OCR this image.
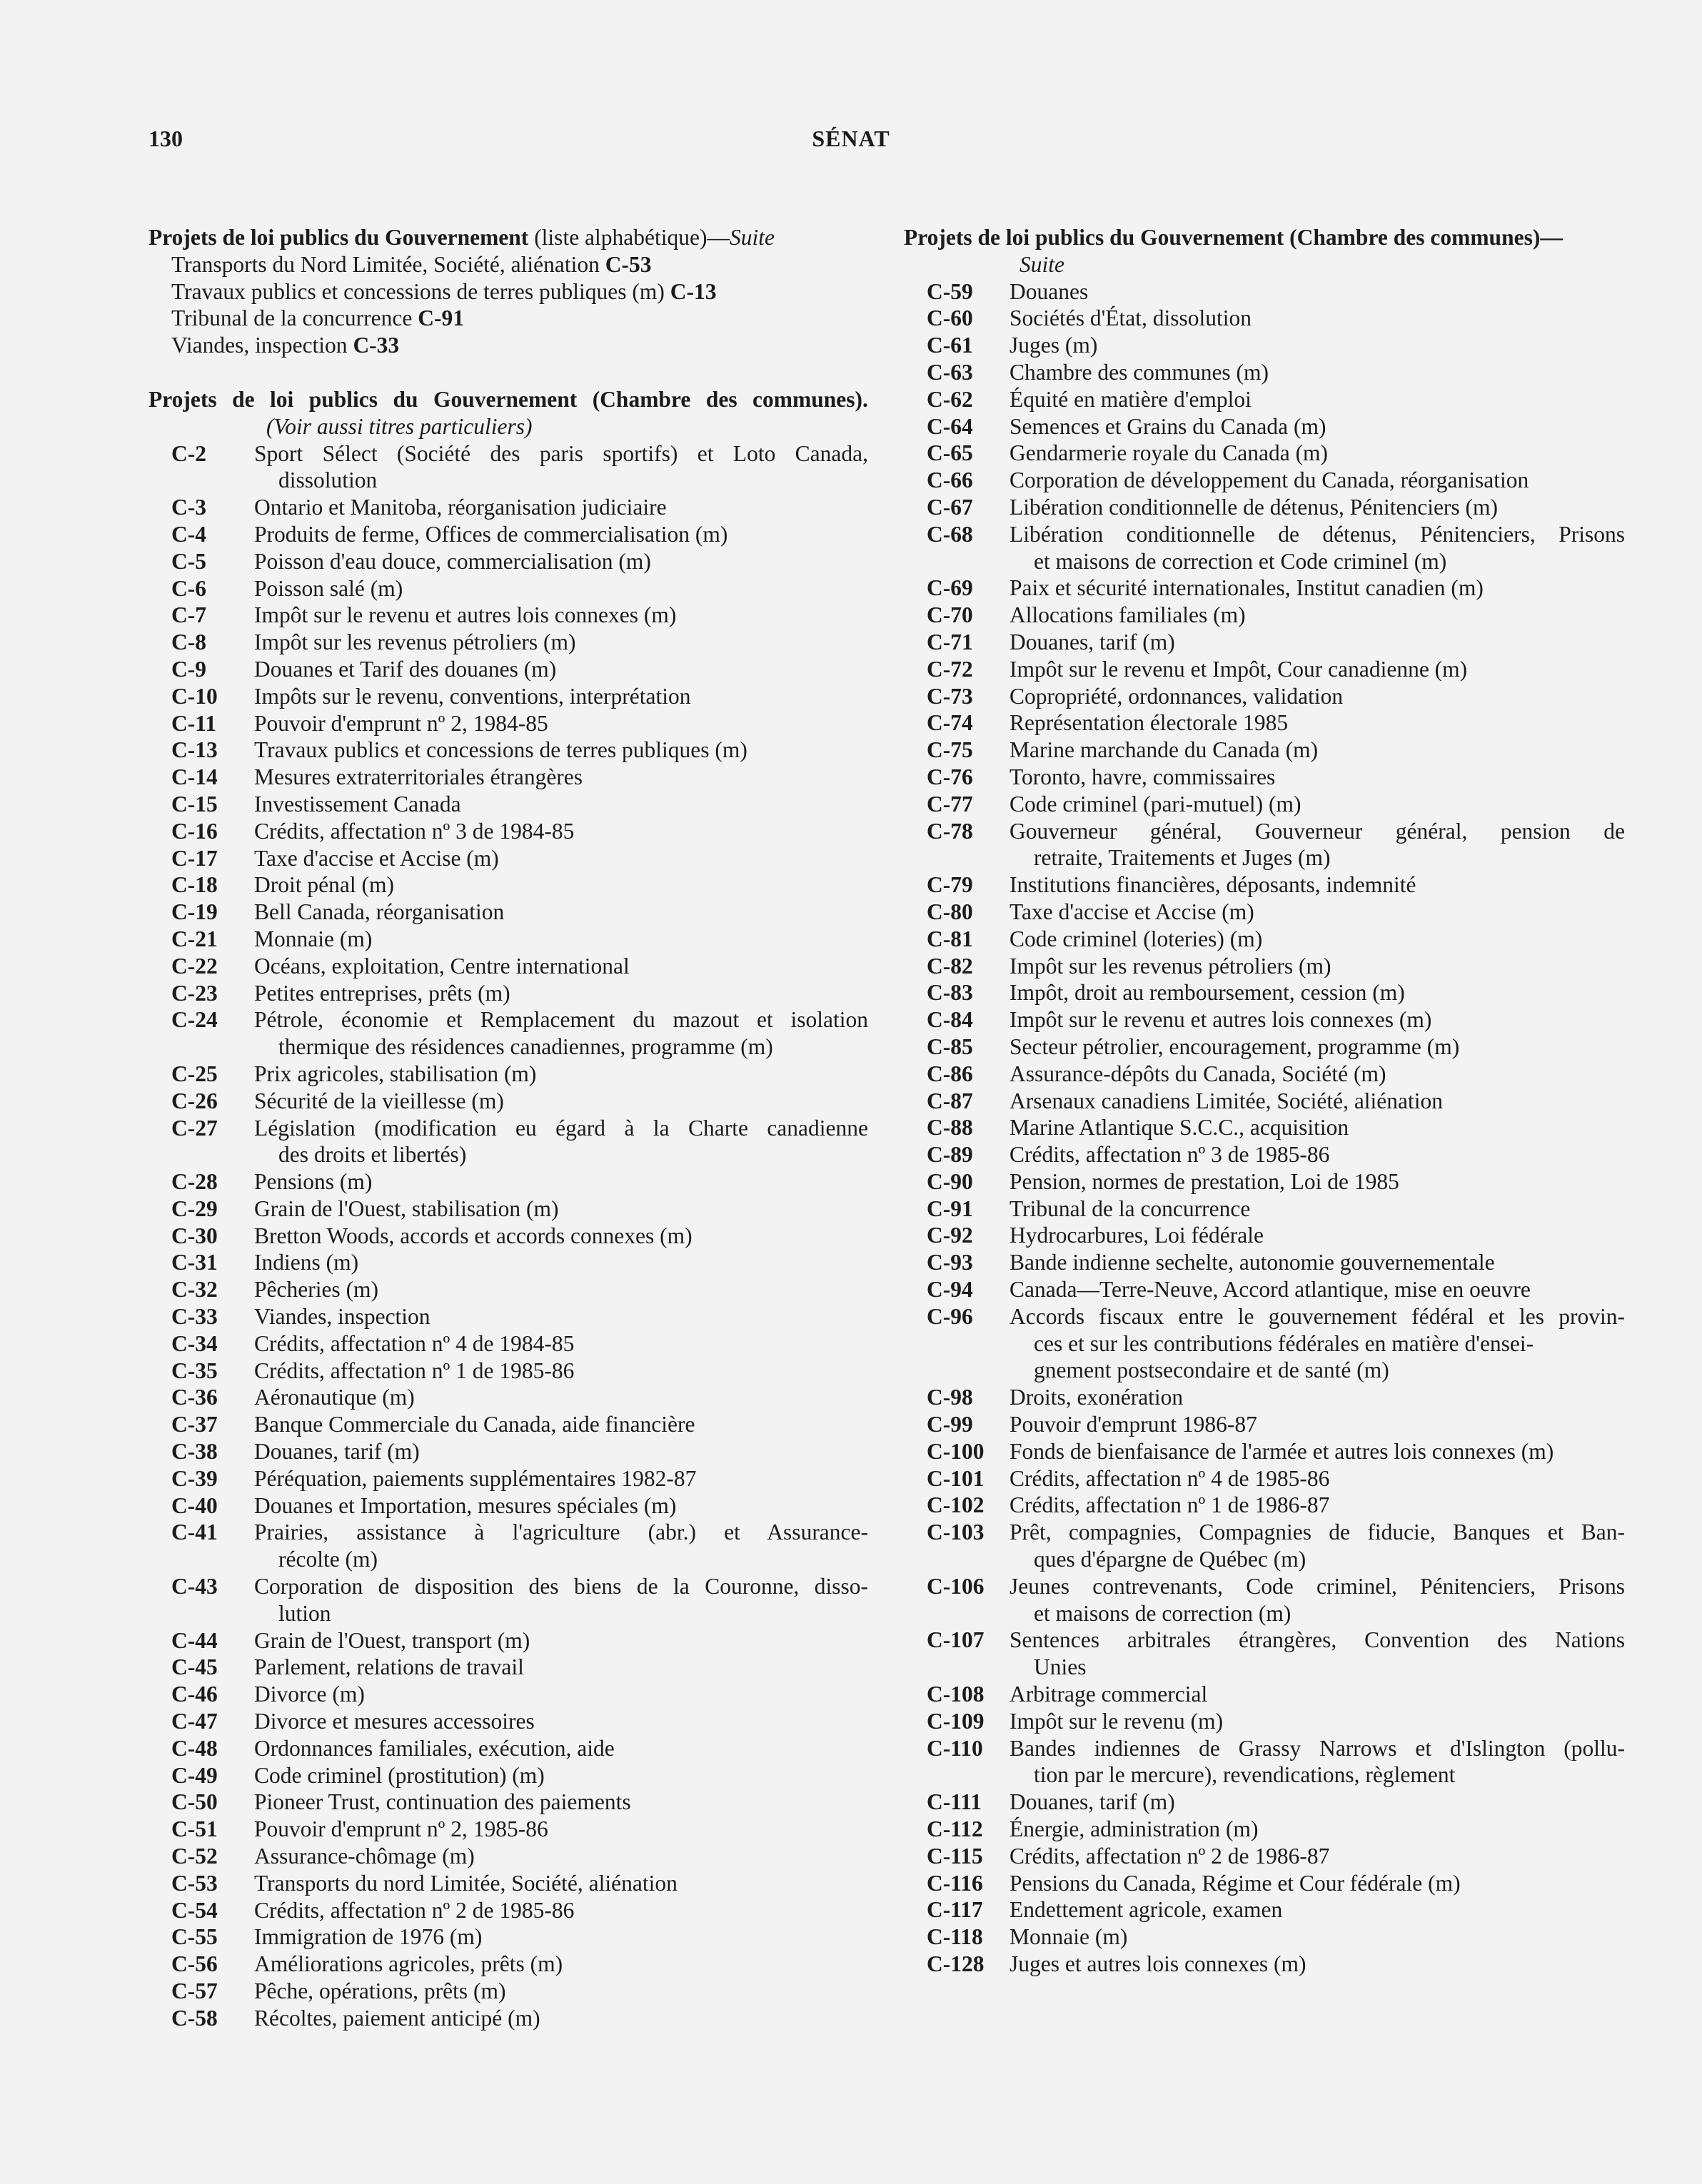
130	SÉNAT
Projets de loi publics du Gouvernement (liste alphabétique)—Suite
Transports du Nord Limitée, Société, aliénation C-53
Travaux publics et concessions de terres publiques (m) C-13
Tribunal de la concurrence C-91
Viandes, inspection C-33
Projets de loi publics du Gouvernement (Chambre des communes).
(Voir aussi titres particuliers)
C-2 Sport Sélect (Société des paris sportifs) et Loto Canada,
dissolution
C-3 Ontario et Manitoba, réorganisation judiciaire
C-4 Produits de ferme, Offices de commercialisation (m)
C-5 Poisson d'eau douce, commercialisation (m)
C-6 Poisson salé (m)
C-7 Impôt sur le revenu et autres lois connexes (m)
C-8 Impôt sur les revenus pétroliers (m)
C-9 Douanes et Tarif des douanes (m)
C-10 Impôts sur le revenu, conventions, interprétation
C-11 Pouvoir d'emprunt nº 2, 1984-85
C-13 Travaux publics et concessions de terres publiques (m)
C-14 Mesures extraterritoriales étrangères
C-15 Investissement Canada
C-16 Crédits, affectation nº 3 de 1984-85
C-17 Taxe d'accise et Accise (m)
C-18 Droit pénal (m)
C-19 Bell Canada, réorganisation
C-21 Monnaie (m)
C-22 Océans, exploitation, Centre international
C-23 Petites entreprises, prêts (m)
C-24 Pétrole, économie et Remplacement du mazout et isolation
thermique des résidences canadiennes, programme (m)
C-25 Prix agricoles, stabilisation (m)
C-26 Sécurité de la vieillesse (m)
C-27 Législation (modification eu égard à la Charte canadienne
des droits et libertés)
C-28 Pensions (m)
C-29 Grain de l'Ouest, stabilisation (m)
C-30 Bretton Woods, accords et accords connexes (m)
C-31 Indiens (m)
C-32 Pêcheries (m)
C-33 Viandes, inspection
C-34 Crédits, affectation nº 4 de 1984-85
C-35 Crédits, affectation nº 1 de 1985-86
C-36 Aéronautique (m)
C-37 Banque Commerciale du Canada, aide financière
C-38 Douanes, tarif (m)
C-39 Péréquation, paiements supplémentaires 1982-87
C-40 Douanes et Importation, mesures spéciales (m)
C-41 Prairies, assistance à l'agriculture (abr.) et Assurance-
récolte (m)
C-43 Corporation de disposition des biens de la Couronne, disso-
lution
C-44 Grain de l'Ouest, transport (m)
C-45 Parlement, relations de travail
C-46 Divorce (m)
C-47 Divorce et mesures accessoires
C-48 Ordonnances familiales, exécution, aide
C-49 Code criminel (prostitution) (m)
C-50 Pioneer Trust, continuation des paiements
C-51 Pouvoir d'emprunt nº 2, 1985-86
C-52 Assurance-chômage (m)
C-53 Transports du nord Limitée, Société, aliénation
C-54 Crédits, affectation nº 2 de 1985-86
C-55 Immigration de 1976 (m)
C-56 Améliorations agricoles, prêts (m)
C-57 Pêche, opérations, prêts (m)
C-58 Récoltes, paiement anticipé (m)
Projets de loi publics du Gouvernement (Chambre des communes)—
Suite
C-59 Douanes
C-60 Sociétés d'État, dissolution
C-61 Juges (m)
C-63 Chambre des communes (m)
C-62 Équité en matière d'emploi
C-64 Semences et Grains du Canada (m)
C-65 Gendarmerie royale du Canada (m)
C-66 Corporation de développement du Canada, réorganisation
C-67 Libération conditionnelle de détenus, Pénitenciers (m)
C-68 Libération conditionnelle de détenus, Pénitenciers, Prisons
et maisons de correction et Code criminel (m)
C-69 Paix et sécurité internationales, Institut canadien (m)
C-70 Allocations familiales (m)
C-71 Douanes, tarif (m)
C-72 Impôt sur le revenu et Impôt, Cour canadienne (m)
C-73 Copropriété, ordonnances, validation
C-74 Représentation électorale 1985
C-75 Marine marchande du Canada (m)
C-76 Toronto, havre, commissaires
C-77 Code criminel (pari-mutuel) (m)
C-78 Gouverneur général, Gouverneur général, pension de
retraite, Traitements et Juges (m)
C-79 Institutions financières, déposants, indemnité
C-80 Taxe d'accise et Accise (m)
C-81 Code criminel (loteries) (m)
C-82 Impôt sur les revenus pétroliers (m)
C-83 Impôt, droit au remboursement, cession (m)
C-84 Impôt sur le revenu et autres lois connexes (m)
C-85 Secteur pétrolier, encouragement, programme (m)
C-86 Assurance-dépôts du Canada, Société (m)
C-87 Arsenaux canadiens Limitée, Société, aliénation
C-88 Marine Atlantique S.C.C., acquisition
C-89 Crédits, affectation nº 3 de 1985-86
C-90 Pension, normes de prestation, Loi de 1985
C-91 Tribunal de la concurrence
C-92 Hydrocarbures, Loi fédérale
C-93 Bande indienne sechelte, autonomie gouvernementale
C-94 Canada—Terre-Neuve, Accord atlantique, mise en oeuvre
C-96 Accords fiscaux entre le gouvernement fédéral et les provin-
ces et sur les contributions fédérales en matière d'ensei-
gnement postsecondaire et de santé (m)
C-98 Droits, exonération
C-99 Pouvoir d'emprunt 1986-87
C-100 Fonds de bienfaisance de l'armée et autres lois connexes (m)
C-101 Crédits, affectation nº 4 de 1985-86
C-102 Crédits, affectation nº 1 de 1986-87
C-103 Prêt, compagnies, Compagnies de fiducie, Banques et Ban-
ques d'épargne de Québec (m)
C-106 Jeunes contrevenants, Code criminel, Pénitenciers, Prisons
et maisons de correction (m)
C-107 Sentences arbitrales étrangères, Convention des Nations
Unies
C-108 Arbitrage commercial
C-109 Impôt sur le revenu (m)
C-110 Bandes indiennes de Grassy Narrows et d'Islington (pollu-
tion par le mercure), revendications, règlement
C-111 Douanes, tarif (m)
C-112 Énergie, administration (m)
C-115 Crédits, affectation nº 2 de 1986-87
C-116 Pensions du Canada, Régime et Cour fédérale (m)
C-117 Endettement agricole, examen
C-118 Monnaie (m)
C-128 Juges et autres lois connexes (m)
